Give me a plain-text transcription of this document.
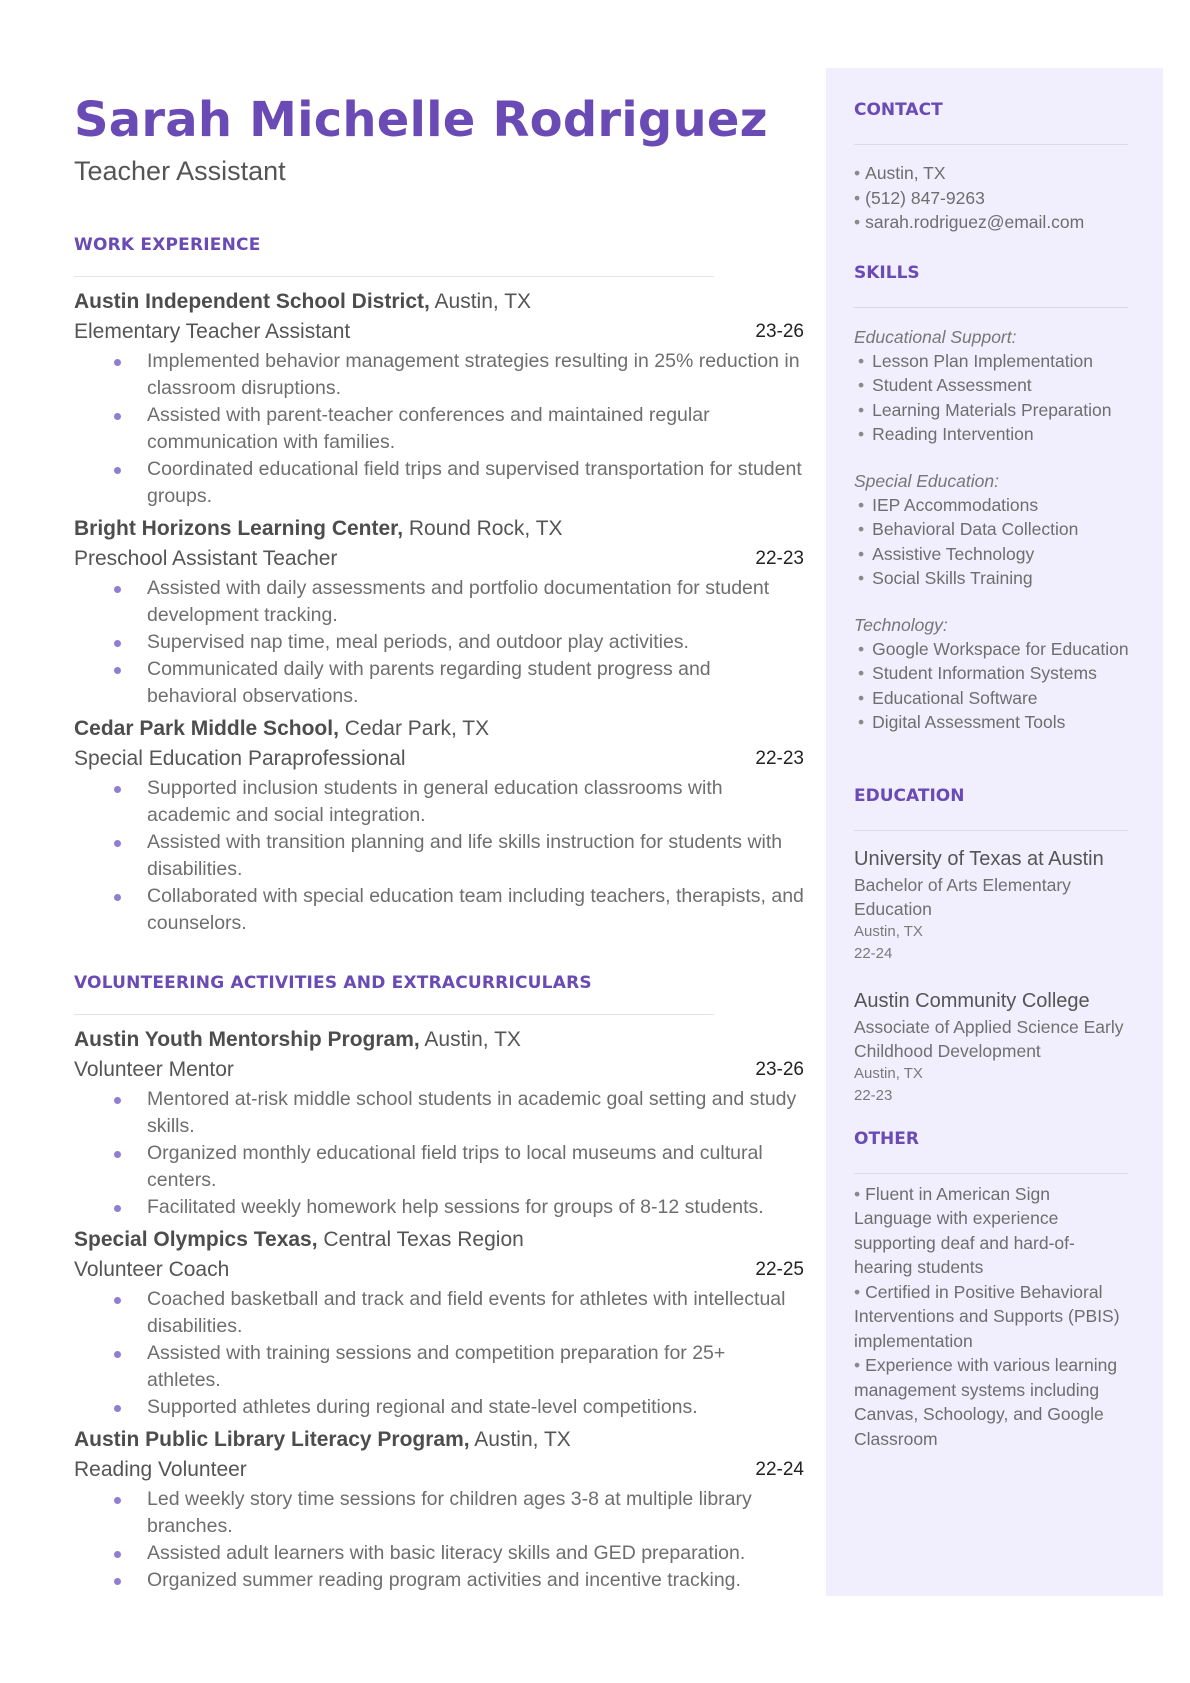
Sarah Michelle Rodriguez
Teacher Assistant
WORK EXPERIENCE
Austin Independent School District, Austin, TX
Elementary Teacher Assistant	23-26
Implemented behavior management strategies resulting in 25% reduction in classroom disruptions.
Assisted with parent-teacher conferences and maintained regular communication with families.
Coordinated educational field trips and supervised transportation for student groups.
Bright Horizons Learning Center, Round Rock, TX
Preschool Assistant Teacher	22-23
Assisted with daily assessments and portfolio documentation for student development tracking.
Supervised nap time, meal periods, and outdoor play activities.
Communicated daily with parents regarding student progress and behavioral observations.
Cedar Park Middle School, Cedar Park, TX
Special Education Paraprofessional	22-23
Supported inclusion students in general education classrooms with academic and social integration.
Assisted with transition planning and life skills instruction for students with disabilities.
Collaborated with special education team including teachers, therapists, and counselors.
VOLUNTEERING ACTIVITIES AND EXTRACURRICULARS
Austin Youth Mentorship Program, Austin, TX
Volunteer Mentor	23-26
Mentored at-risk middle school students in academic goal setting and study skills.
Organized monthly educational field trips to local museums and cultural centers.
Facilitated weekly homework help sessions for groups of 8-12 students.
Special Olympics Texas, Central Texas Region
Volunteer Coach	22-25
Coached basketball and track and field events for athletes with intellectual disabilities.
Assisted with training sessions and competition preparation for 25+ athletes.
Supported athletes during regional and state-level competitions.
Austin Public Library Literacy Program, Austin, TX
Reading Volunteer	22-24
Led weekly story time sessions for children ages 3-8 at multiple library branches.
Assisted adult learners with basic literacy skills and GED preparation.
Organized summer reading program activities and incentive tracking.
CONTACT
• Austin, TX
• (512) 847-9263
• sarah.rodriguez@email.com
SKILLS
Educational Support:
• Lesson Plan Implementation
• Student Assessment
• Learning Materials Preparation
• Reading Intervention
Special Education:
• IEP Accommodations
• Behavioral Data Collection
• Assistive Technology
• Social Skills Training
Technology:
• Google Workspace for Education
• Student Information Systems
• Educational Software
• Digital Assessment Tools
EDUCATION
University of Texas at Austin
Bachelor of Arts Elementary Education
Austin, TX
22-24
Austin Community College
Associate of Applied Science Early Childhood Development
Austin, TX
22-23
OTHER
• Fluent in American Sign Language with experience supporting deaf and hard-of-hearing students
• Certified in Positive Behavioral Interventions and Supports (PBIS) implementation
• Experience with various learning management systems including Canvas, Schoology, and Google Classroom
